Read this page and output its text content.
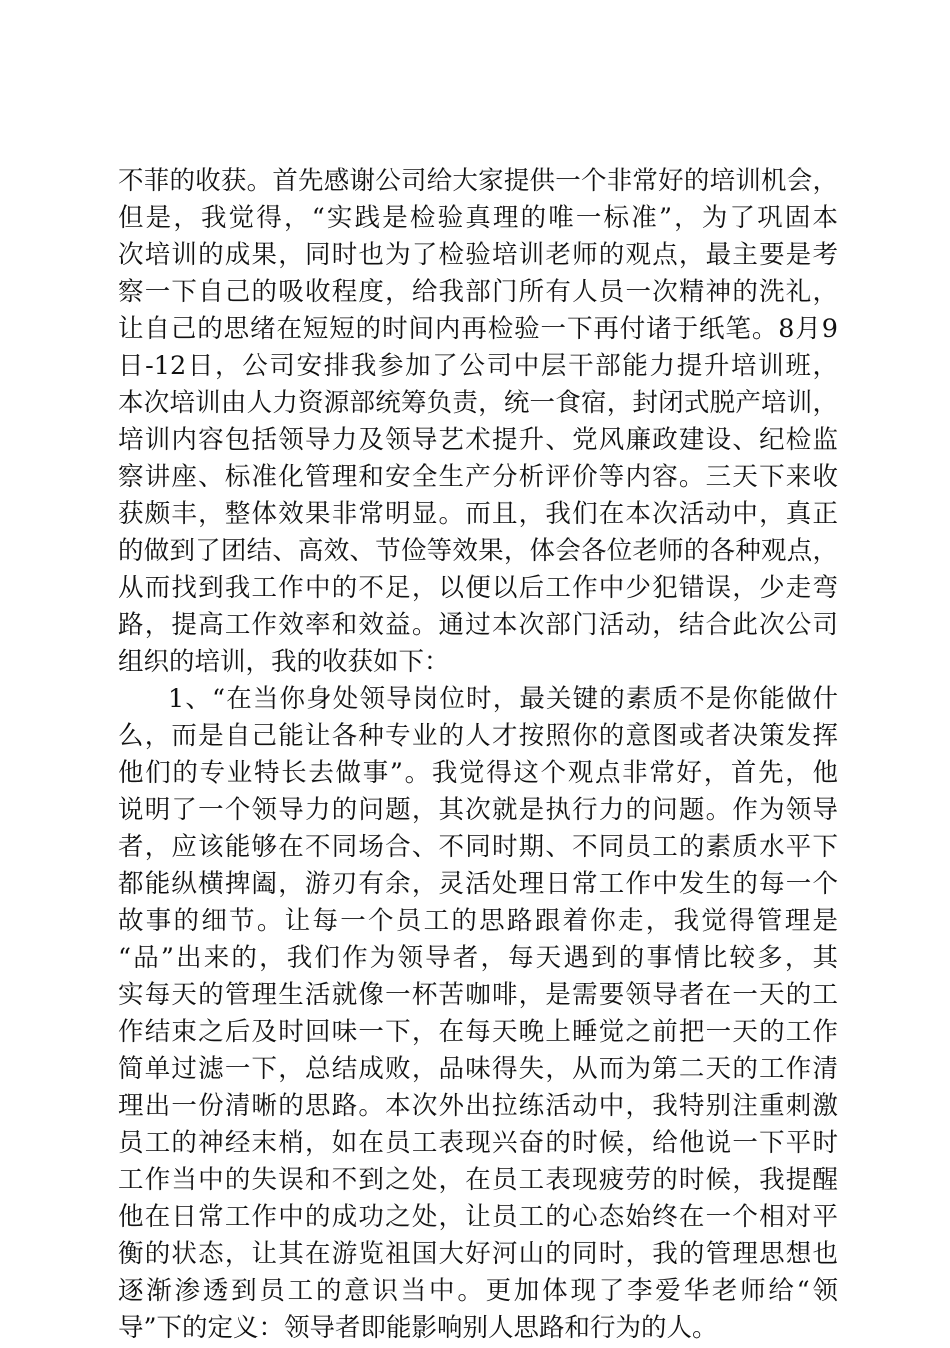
不菲的收获。首先感谢公司给大家提供一个非常好的培训机会，
但是，我觉得，“实践是检验真理的唯一标准”，为了巩固本
次培训的成果，同时也为了检验培训老师的观点，最主要是考
察一下自己的吸收程度，给我部门所有人员一次精神的洗礼，
让自己的思绪在短短的时间内再检验一下再付诸于纸笔。8月9
日-12日，公司安排我参加了公司中层干部能力提升培训班，
本次培训由人力资源部统筹负责，统一食宿，封闭式脱产培训，
培训内容包括领导力及领导艺术提升、党风廉政建设、纪检监
察讲座、标准化管理和安全生产分析评价等内容。三天下来收
获颇丰，整体效果非常明显。而且，我们在本次活动中，真正
的做到了团结、高效、节俭等效果，体会各位老师的各种观点，
从而找到我工作中的不足，以便以后工作中少犯错误，少走弯
路，提高工作效率和效益。通过本次部门活动，结合此次公司
组织的培训，我的收获如下：
1、“在当你身处领导岗位时，最关键的素质不是你能做什
么，而是自己能让各种专业的人才按照你的意图或者决策发挥
他们的专业特长去做事”。我觉得这个观点非常好，首先，他
说明了一个领导力的问题，其次就是执行力的问题。作为领导
者，应该能够在不同场合、不同时期、不同员工的素质水平下
都能纵横捭阖，游刃有余，灵活处理日常工作中发生的每一个
故事的细节。让每一个员工的思路跟着你走，我觉得管理是
“品”出来的，我们作为领导者，每天遇到的事情比较多，其
实每天的管理生活就像一杯苦咖啡，是需要领导者在一天的工
作结束之后及时回味一下，在每天晚上睡觉之前把一天的工作
简单过滤一下，总结成败，品味得失，从而为第二天的工作清
理出一份清晰的思路。本次外出拉练活动中，我特别注重刺激
员工的神经末梢，如在员工表现兴奋的时候，给他说一下平时
工作当中的失误和不到之处，在员工表现疲劳的时候，我提醒
他在日常工作中的成功之处，让员工的心态始终在一个相对平
衡的状态，让其在游览祖国大好河山的同时，我的管理思想也
逐渐渗透到员工的意识当中。更加体现了李爱华老师给“领
导”下的定义：领导者即能影响别人思路和行为的人。
